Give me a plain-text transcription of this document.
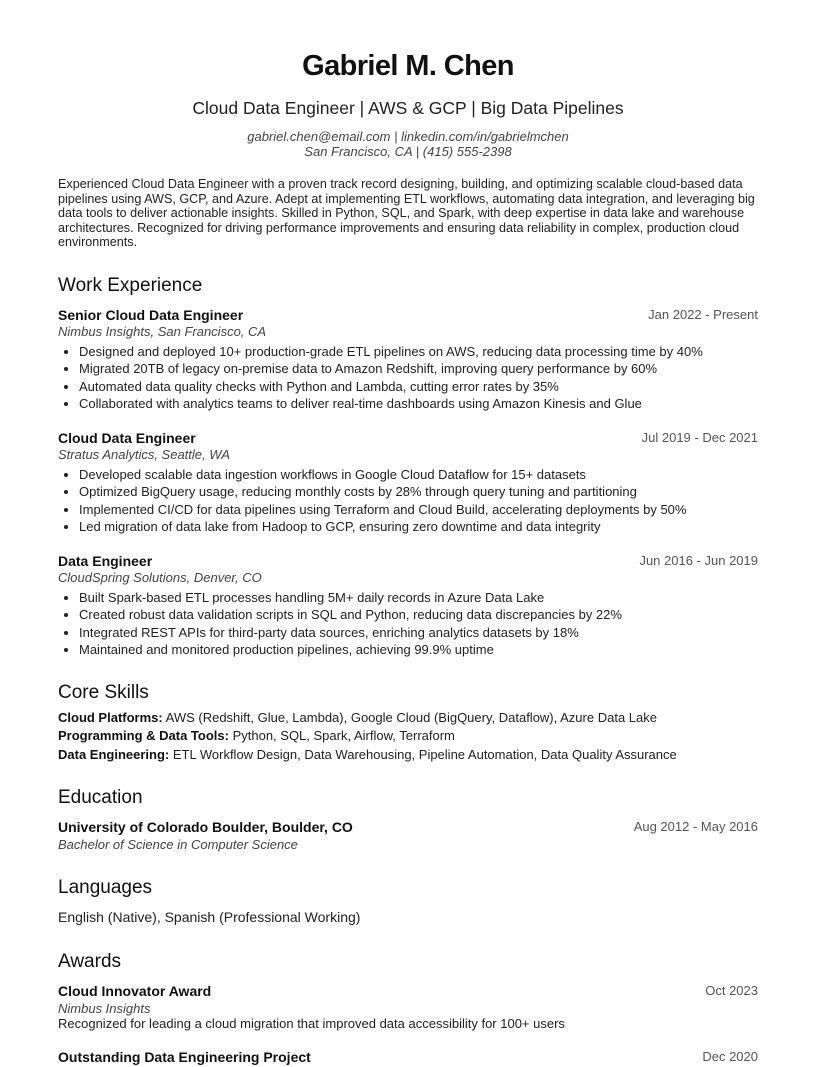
Gabriel M. Chen
Cloud Data Engineer | AWS & GCP | Big Data Pipelines
gabriel.chen@email.com | linkedin.com/in/gabrielmchen
San Francisco, CA | (415) 555-2398
Experienced Cloud Data Engineer with a proven track record designing, building, and optimizing scalable cloud-based data pipelines using AWS, GCP, and Azure. Adept at implementing ETL workflows, automating data integration, and leveraging big data tools to deliver actionable insights. Skilled in Python, SQL, and Spark, with deep expertise in data lake and warehouse architectures. Recognized for driving performance improvements and ensuring data reliability in complex, production cloud environments.
Work Experience
Senior Cloud Data Engineer	Jan 2022 - Present
Nimbus Insights, San Francisco, CA
Designed and deployed 10+ production-grade ETL pipelines on AWS, reducing data processing time by 40%
Migrated 20TB of legacy on-premise data to Amazon Redshift, improving query performance by 60%
Automated data quality checks with Python and Lambda, cutting error rates by 35%
Collaborated with analytics teams to deliver real-time dashboards using Amazon Kinesis and Glue
Cloud Data Engineer	Jul 2019 - Dec 2021
Stratus Analytics, Seattle, WA
Developed scalable data ingestion workflows in Google Cloud Dataflow for 15+ datasets
Optimized BigQuery usage, reducing monthly costs by 28% through query tuning and partitioning
Implemented CI/CD for data pipelines using Terraform and Cloud Build, accelerating deployments by 50%
Led migration of data lake from Hadoop to GCP, ensuring zero downtime and data integrity
Data Engineer	Jun 2016 - Jun 2019
CloudSpring Solutions, Denver, CO
Built Spark-based ETL processes handling 5M+ daily records in Azure Data Lake
Created robust data validation scripts in SQL and Python, reducing data discrepancies by 22%
Integrated REST APIs for third-party data sources, enriching analytics datasets by 18%
Maintained and monitored production pipelines, achieving 99.9% uptime
Core Skills
Cloud Platforms: AWS (Redshift, Glue, Lambda), Google Cloud (BigQuery, Dataflow), Azure Data Lake
Programming & Data Tools: Python, SQL, Spark, Airflow, Terraform
Data Engineering: ETL Workflow Design, Data Warehousing, Pipeline Automation, Data Quality Assurance
Education
University of Colorado Boulder, Boulder, CO	Aug 2012 - May 2016
Bachelor of Science in Computer Science
Languages
English (Native), Spanish (Professional Working)
Awards
Cloud Innovator Award	Oct 2023
Nimbus Insights
Recognized for leading a cloud migration that improved data accessibility for 100+ users
Outstanding Data Engineering Project	Dec 2020
